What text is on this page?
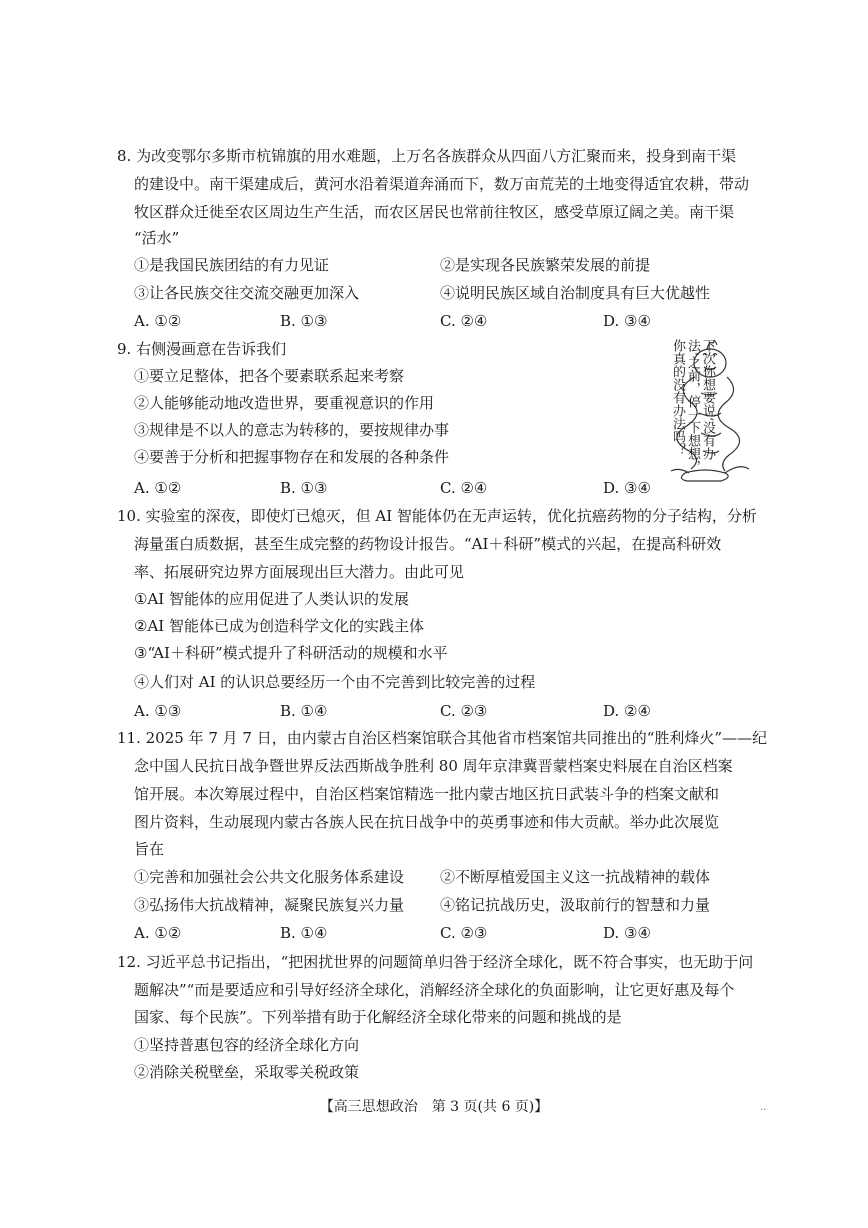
8. 为改变鄂尔多斯市杭锦旗的用水难题，上万名各族群众从四面八方汇聚而来，投身到南干渠
的建设中。南干渠建成后，黄河水沿着渠道奔涌而下，数万亩荒芜的土地变得适宜农耕，带动
牧区群众迁徙至农区周边生产生活，而农区居民也常前往牧区，感受草原辽阔之美。南干渠
“活水”
①是我国民族团结的有力见证	②是实现各民族繁荣发展的前提
③让各民族交往交流交融更加深入	④说明民族区域自治制度具有巨大优越性
A. ①②	B. ①③	C. ②④	D. ③④
9. 右侧漫画意在告诉我们
①要立足整体，把各个要素联系起来考察
②人能够能动地改造世界，要重视意识的作用
③规律是不以人的意志为转移的，要按规律办事
④要善于分析和把握事物存在和发展的各种条件
A. ①②	B. ①③	C. ②④	D. ③④
下次你想要说‘没有办法’之前，停一下想想，你真的没有办法吗？
10. 实验室的深夜，即使灯已熄灭，但 AI 智能体仍在无声运转，优化抗癌药物的分子结构，分析
海量蛋白质数据，甚至生成完整的药物设计报告。“AI＋科研”模式的兴起，在提高科研效
率、拓展研究边界方面展现出巨大潜力。由此可见
①AI 智能体的应用促进了人类认识的发展
②AI 智能体已成为创造科学文化的实践主体
③“AI＋科研”模式提升了科研活动的规模和水平
④人们对 AI 的认识总要经历一个由不完善到比较完善的过程
A. ①③	B. ①④	C. ②③	D. ②④
11. 2025 年 7 月 7 日，由内蒙古自治区档案馆联合其他省市档案馆共同推出的“胜利烽火”——纪
念中国人民抗日战争暨世界反法西斯战争胜利 80 周年京津冀晋蒙档案史料展在自治区档案
馆开展。本次筹展过程中，自治区档案馆精选一批内蒙古地区抗日武装斗争的档案文献和
图片资料，生动展现内蒙古各族人民在抗日战争中的英勇事迹和伟大贡献。举办此次展览
旨在
①完善和加强社会公共文化服务体系建设 ②不断厚植爱国主义这一抗战精神的载体
③弘扬伟大抗战精神，凝聚民族复兴力量 ④铭记抗战历史，汲取前行的智慧和力量
A. ①②	B. ①④	C. ②③	D. ③④
12. 习近平总书记指出，“把困扰世界的问题简单归咎于经济全球化，既不符合事实，也无助于问
题解决”“而是要适应和引导好经济全球化，消解经济全球化的负面影响，让它更好惠及每个
国家、每个民族”。下列举措有助于化解经济全球化带来的问题和挑战的是
①坚持普惠包容的经济全球化方向
②消除关税壁垒，采取零关税政策
【高三思想政治　第 3 页(共 6 页)】	..
